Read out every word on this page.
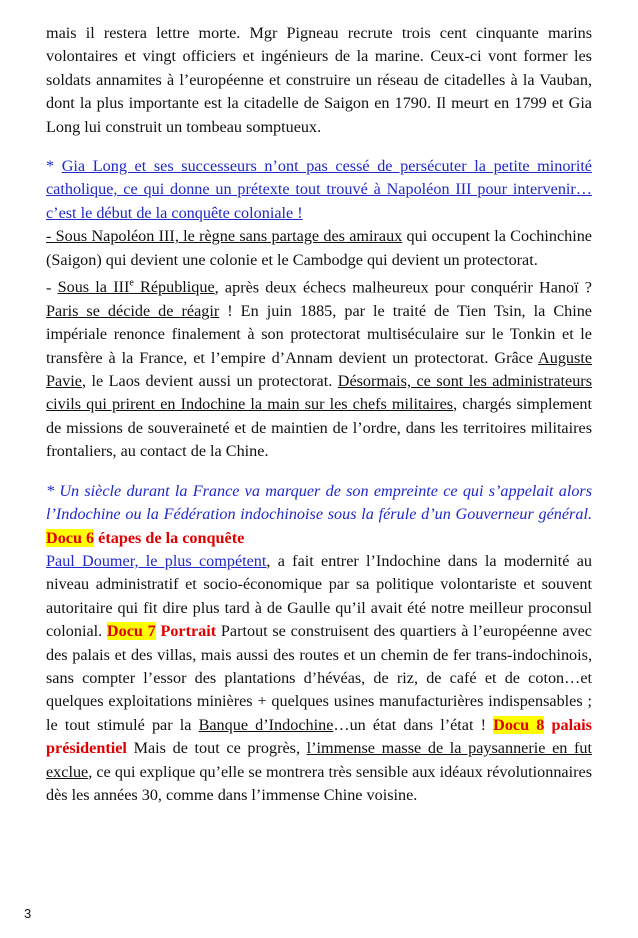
mais il restera lettre morte. Mgr Pigneau recrute trois cent cinquante marins volontaires et vingt officiers et ingénieurs de la marine. Ceux-ci vont former les soldats annamites à l’européenne et construire un réseau de citadelles à la Vauban, dont la plus importante est la citadelle de Saigon en 1790. Il meurt en 1799 et Gia Long lui construit un tombeau somptueux.

* Gia Long et ses successeurs n’ont pas cessé de persécuter la petite minorité catholique, ce qui donne un prétexte tout trouvé à Napoléon III pour intervenir…c’est le début de la conquête coloniale !

- Sous Napoléon III, le règne sans partage des amiraux qui occupent la Cochinchine (Saigon) qui devient une colonie et le Cambodge qui devient un protectorat.

- Sous la IIIe République, après deux échecs malheureux pour conquérir Hanoï ? Paris se décide de réagir ! En juin 1885, par le traité de Tien Tsin, la Chine impériale renonce finalement à son protectorat multiséculaire sur le Tonkin et le transfère à la France, et l’empire d’Annam devient un protectorat. Grâce Auguste Pavie, le Laos devient aussi un protectorat. Désormais, ce sont les administrateurs civils qui prirent en Indochine la main sur les chefs militaires, chargés simplement de missions de souveraineté et de maintien de l’ordre, dans les territoires militaires frontaliers, au contact de la Chine.

* Un siècle durant la France va marquer de son empreinte ce qui s’appelait alors l’Indochine ou la Fédération indochinoise sous la férule d’un Gouverneur général. Docu 6 étapes de la conquête

Paul Doumer, le plus compétent, a fait entrer l’Indochine dans la modernité au niveau administratif et socio-économique par sa politique volontariste et souvent autoritaire qui fit dire plus tard à de Gaulle qu’il avait été notre meilleur proconsul colonial. Docu 7 Portrait Partout se construisent des quartiers à l’européenne avec des palais et des villas, mais aussi des routes et un chemin de fer trans-indochinois, sans compter l’essor des plantations d’hévéas, de riz, de café et de coton…et quelques exploitations minières + quelques usines manufacturières indispensables ; le tout stimulé par la Banque d’Indochine…un état dans l’état ! Docu 8 palais présidentiel Mais de tout ce progrès, l’immense masse de la paysannerie en fut exclue, ce qui explique qu’elle se montrera très sensible aux idéaux révolutionnaires dès les années 30, comme dans l’immense Chine voisine.

3
